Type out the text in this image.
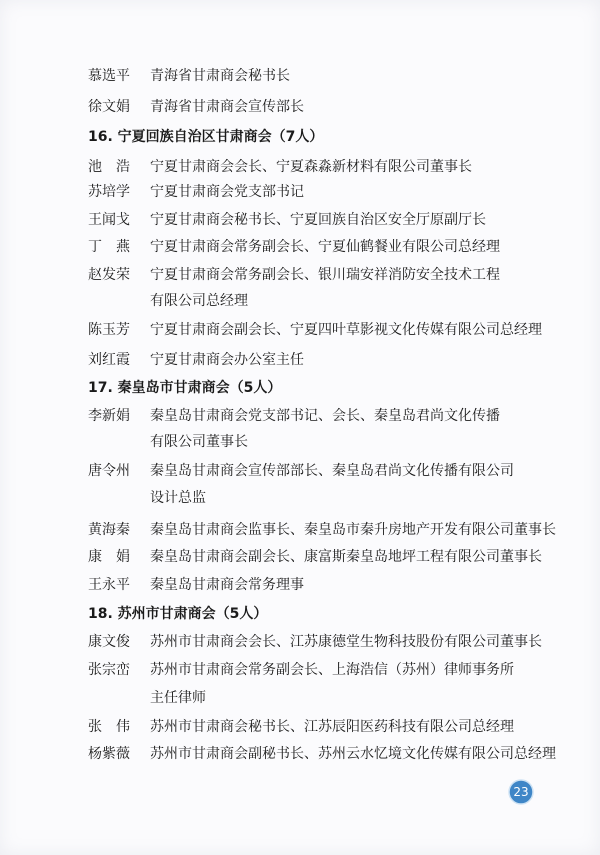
慕选平 青海省甘肃商会秘书长
徐文娟 青海省甘肃商会宣传部长
16. 宁夏回族自治区甘肃商会（7人）
池　浩 宁夏甘肃商会会长、宁夏森淼新材料有限公司董事长
苏培学 宁夏甘肃商会党支部书记
王闻戈 宁夏甘肃商会秘书长、宁夏回族自治区安全厅原副厅长
丁　燕 宁夏甘肃商会常务副会长、宁夏仙鹤餐业有限公司总经理
赵发荣 宁夏甘肃商会常务副会长、银川瑞安祥消防安全技术工程
有限公司总经理
陈玉芳 宁夏甘肃商会副会长、宁夏四叶草影视文化传媒有限公司总经理
刘红霞 宁夏甘肃商会办公室主任
17. 秦皇岛市甘肃商会（5人）
李新娟 秦皇岛甘肃商会党支部书记、会长、秦皇岛君尚文化传播
有限公司董事长
唐令州 秦皇岛甘肃商会宣传部部长、秦皇岛君尚文化传播有限公司
设计总监
黄海秦 秦皇岛甘肃商会监事长、秦皇岛市秦升房地产开发有限公司董事长
康　娟 秦皇岛甘肃商会副会长、康富斯秦皇岛地坪工程有限公司董事长
王永平 秦皇岛甘肃商会常务理事
18. 苏州市甘肃商会（5人）
康文俊 苏州市甘肃商会会长、江苏康德堂生物科技股份有限公司董事长
张宗峦 苏州市甘肃商会常务副会长、上海浩信（苏州）律师事务所
主任律师
张　伟 苏州市甘肃商会秘书长、江苏辰阳医药科技有限公司总经理
杨紫薇 苏州市甘肃商会副秘书长、苏州云水忆境文化传媒有限公司总经理
23
